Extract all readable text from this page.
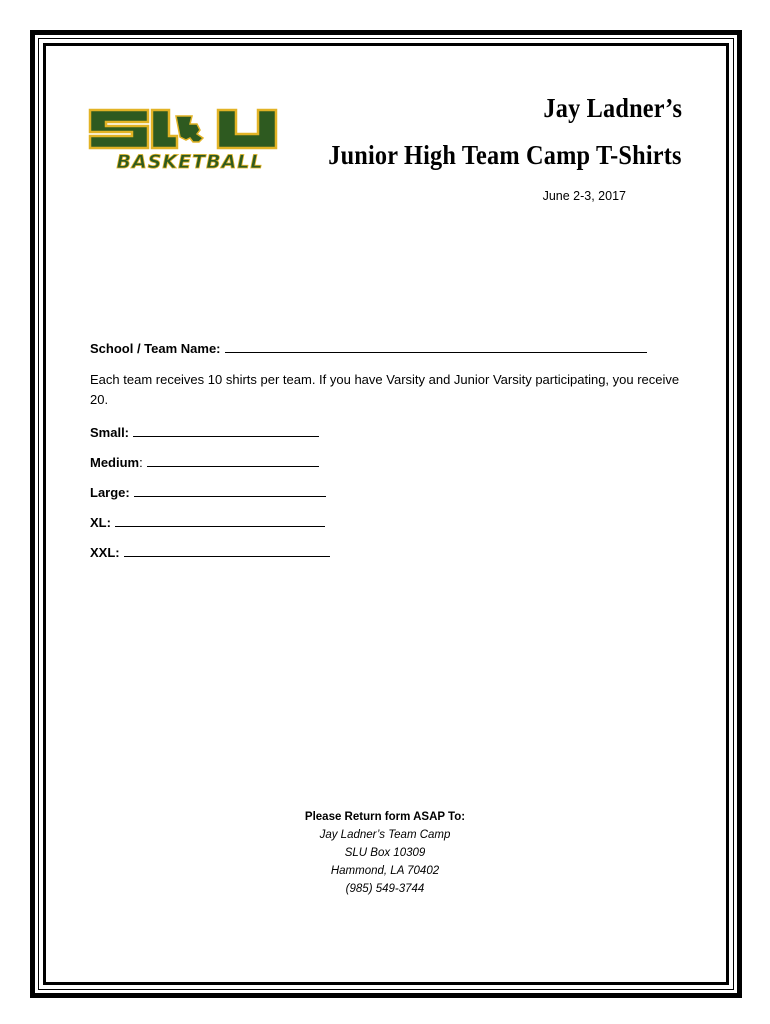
BASKETBALL
Jay Ladner’s
Junior High Team Camp T-Shirts
June 2-3, 2017
School / Team Name:
Each team receives 10 shirts per team. If you have Varsity and Junior Varsity participating, you receive 20.
Small:
Medium:
Large:
XL:
XXL:
Please Return form ASAP To:
Jay Ladner’s Team Camp
SLU Box 10309
Hammond, LA 70402
(985) 549-3744
